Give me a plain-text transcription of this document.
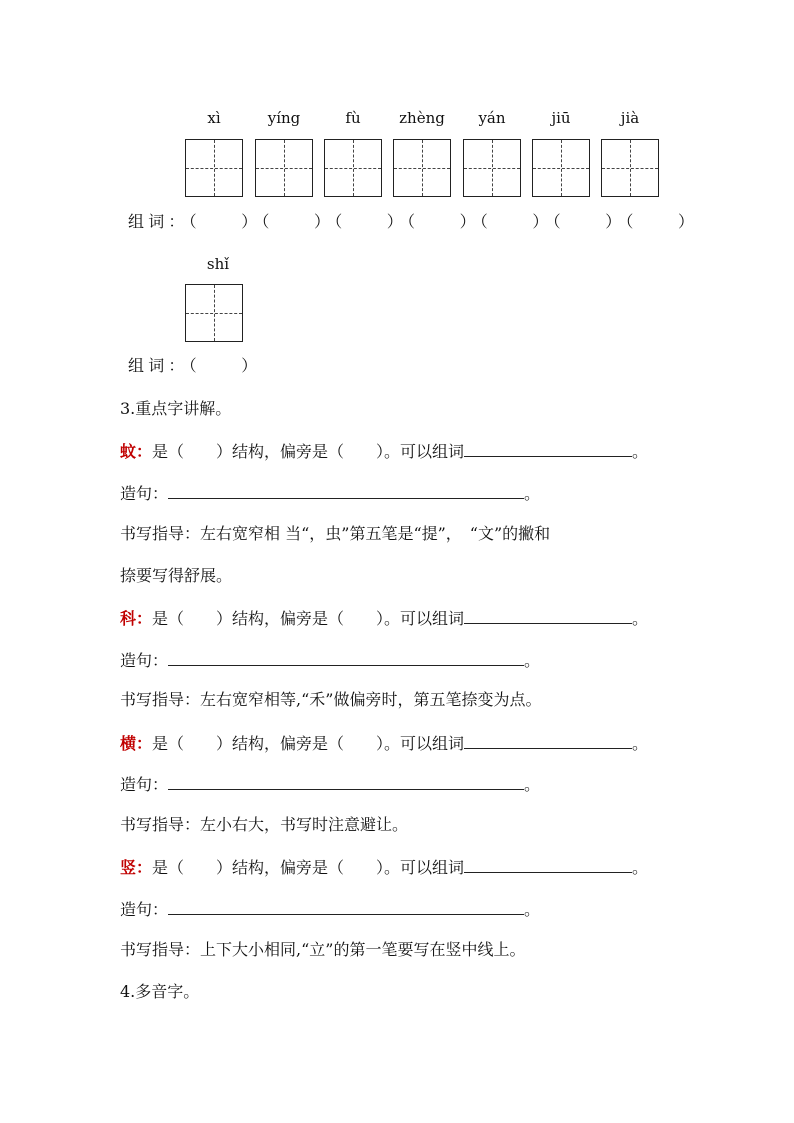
xì	yíng	fù	zhèng	yán	jiū	jià
组词：（　　）（　　）（　　）（　　）（　　）（　　）（　　）
shǐ
组词：（　　）
3.重点字讲解。
蚊：是（　　）结构，偏旁是（　　）。可以组词	。
造句：	。
书写指导：左右宽窄相 当“，虫”第五笔是“提”，　“文”的撇和
捺要写得舒展。
科：是（　　）结构，偏旁是（　　）。可以组词	。
造句：	。
书写指导：左右宽窄相等,“禾”做偏旁时，第五笔捺变为点。
横：是（　　）结构，偏旁是（　　）。可以组词	。
造句：	。
书写指导：左小右大，书写时注意避让。
竖：是（　　）结构，偏旁是（　　）。可以组词	。
造句：	。
书写指导：上下大小相同,“立”的第一笔要写在竖中线上。
4.多音字。
